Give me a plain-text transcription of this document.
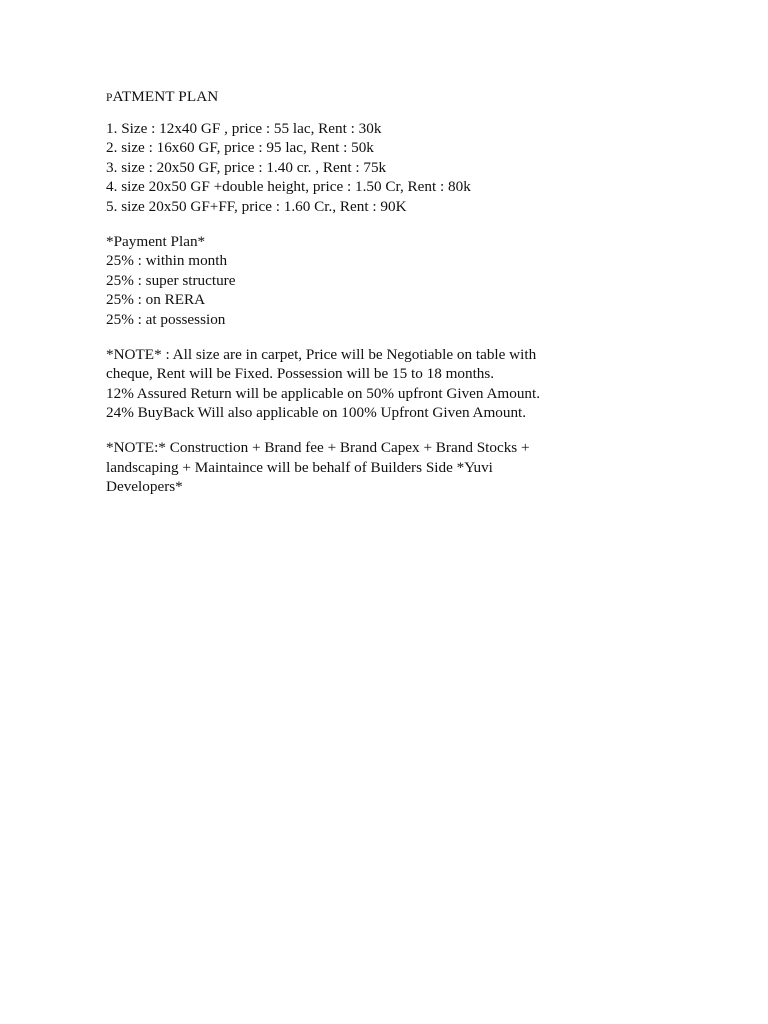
PATMENT PLAN
1. Size : 12x40 GF , price : 55 lac, Rent : 30k
2. size : 16x60 GF, price : 95 lac, Rent : 50k
3. size : 20x50 GF, price : 1.40 cr. , Rent : 75k
4. size 20x50 GF +double height, price : 1.50 Cr, Rent : 80k
5. size 20x50 GF+FF, price : 1.60 Cr., Rent : 90K
*Payment Plan*
25% : within month
25% : super structure
25% : on RERA
25% : at possession
*NOTE* : All size are in carpet, Price will be Negotiable on table with
cheque, Rent will be Fixed. Possession will be 15 to 18 months.
12% Assured Return will be applicable on 50% upfront Given Amount.
24% BuyBack Will also applicable on 100% Upfront Given Amount.
*NOTE:* Construction + Brand fee + Brand Capex + Brand Stocks +
landscaping + Maintaince will be behalf of Builders Side *Yuvi
Developers*
